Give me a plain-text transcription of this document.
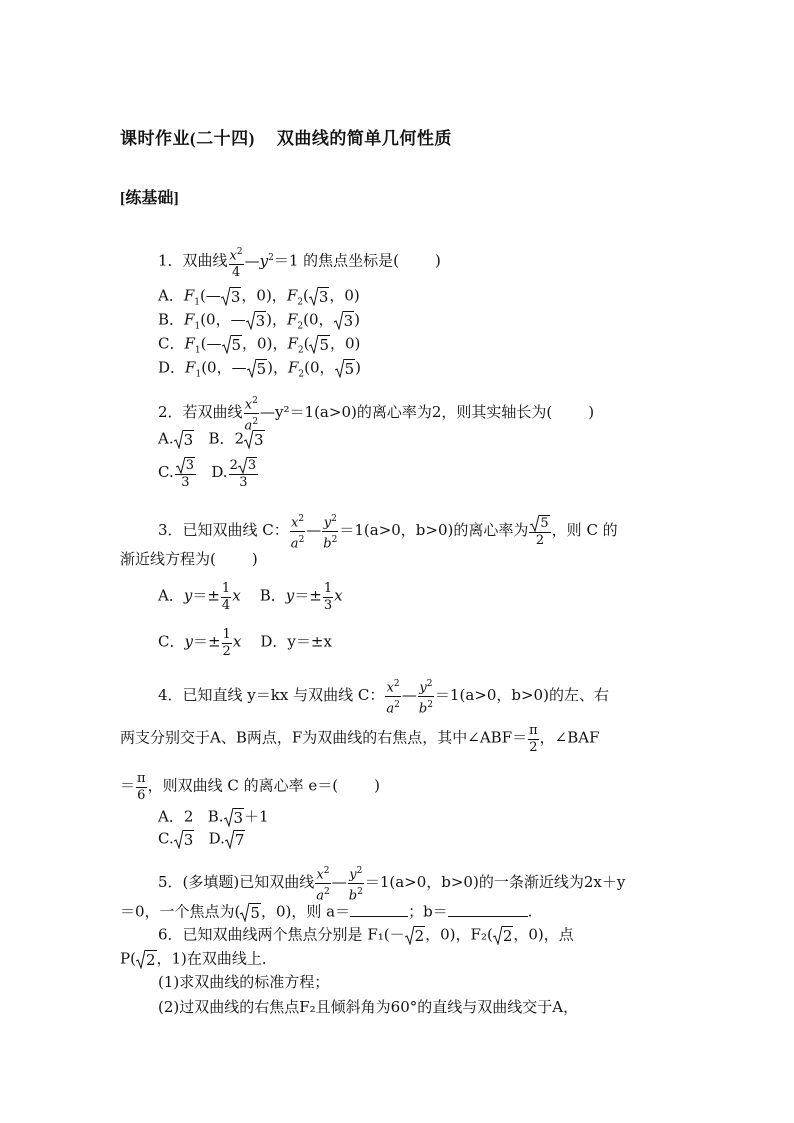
课时作业(二十四) 双曲线的简单几何性质
[练基础]
1．双曲线 $\frac{x^2}{4}$ $—y^2=1$ 的焦点坐标是( )
A．$F_1(—$ 3 ，0)，$F_2$( 3 ，0)
B．$F_1(0$，— 3 )，$F_2(0$， 3 )
C．$F_1(—$ 5 ，0)，$F_2$( 5 ，0)
D．$F_1(0$，— 5 )，$F_2(0$， 5 )
2．若双曲线 $\frac{x^2}{a^2}$ —y²＝1(a>0)的离心率为2，则其实轴长为( )
A. 3 B．2 3
C. $\frac{3}{3} D$. $\frac{2 3}{3}$
3．已知双曲线 C： $\frac{x^2}{a^2}$ — $\frac{y^2}{b^2} =1(a>0$，b>0)的离心率为 $\frac{5}{2}$ ，则 C 的
渐近线方程为( )
A．$y=\pm \frac{1}{4}$ x B．$y=\pm \frac{1}{3}$ x
C．$y=\pm \frac{1}{2}$ x D．y＝±x
4．已知直线 y＝kx 与双曲线 C： $\frac{x^2}{a^2}$ — $\frac{y^2}{b^2} =1(a>0$，b>0)的左、右
两支分别交于A、B两点，F为双曲线的右焦点，其中∠ABF＝ $\frac{\pi}{2}$ ，∠BAF
＝ $\frac{\pi}{6}$ ，则双曲线 C 的离心率 e＝( )
A．2 B. 3 ＋1
C. 3 D. 7
5．(多填题)已知双曲线 $\frac{x^2}{a^2}$ — $\frac{y^2}{b^2} =1(a>0$，b>0)的一条渐近线为2x＋y
＝0，一个焦点为( 5 ，0)，则 a＝	；b＝	.
6．已知双曲线两个焦点分别是 F₁(－ 2 ，0)，F₂( 2 ，0)，点
P( 2 ，1)在双曲线上．
(1)求双曲线的标准方程；
(2)过双曲线的右焦点F₂且倾斜角为60°的直线与双曲线交于A，
